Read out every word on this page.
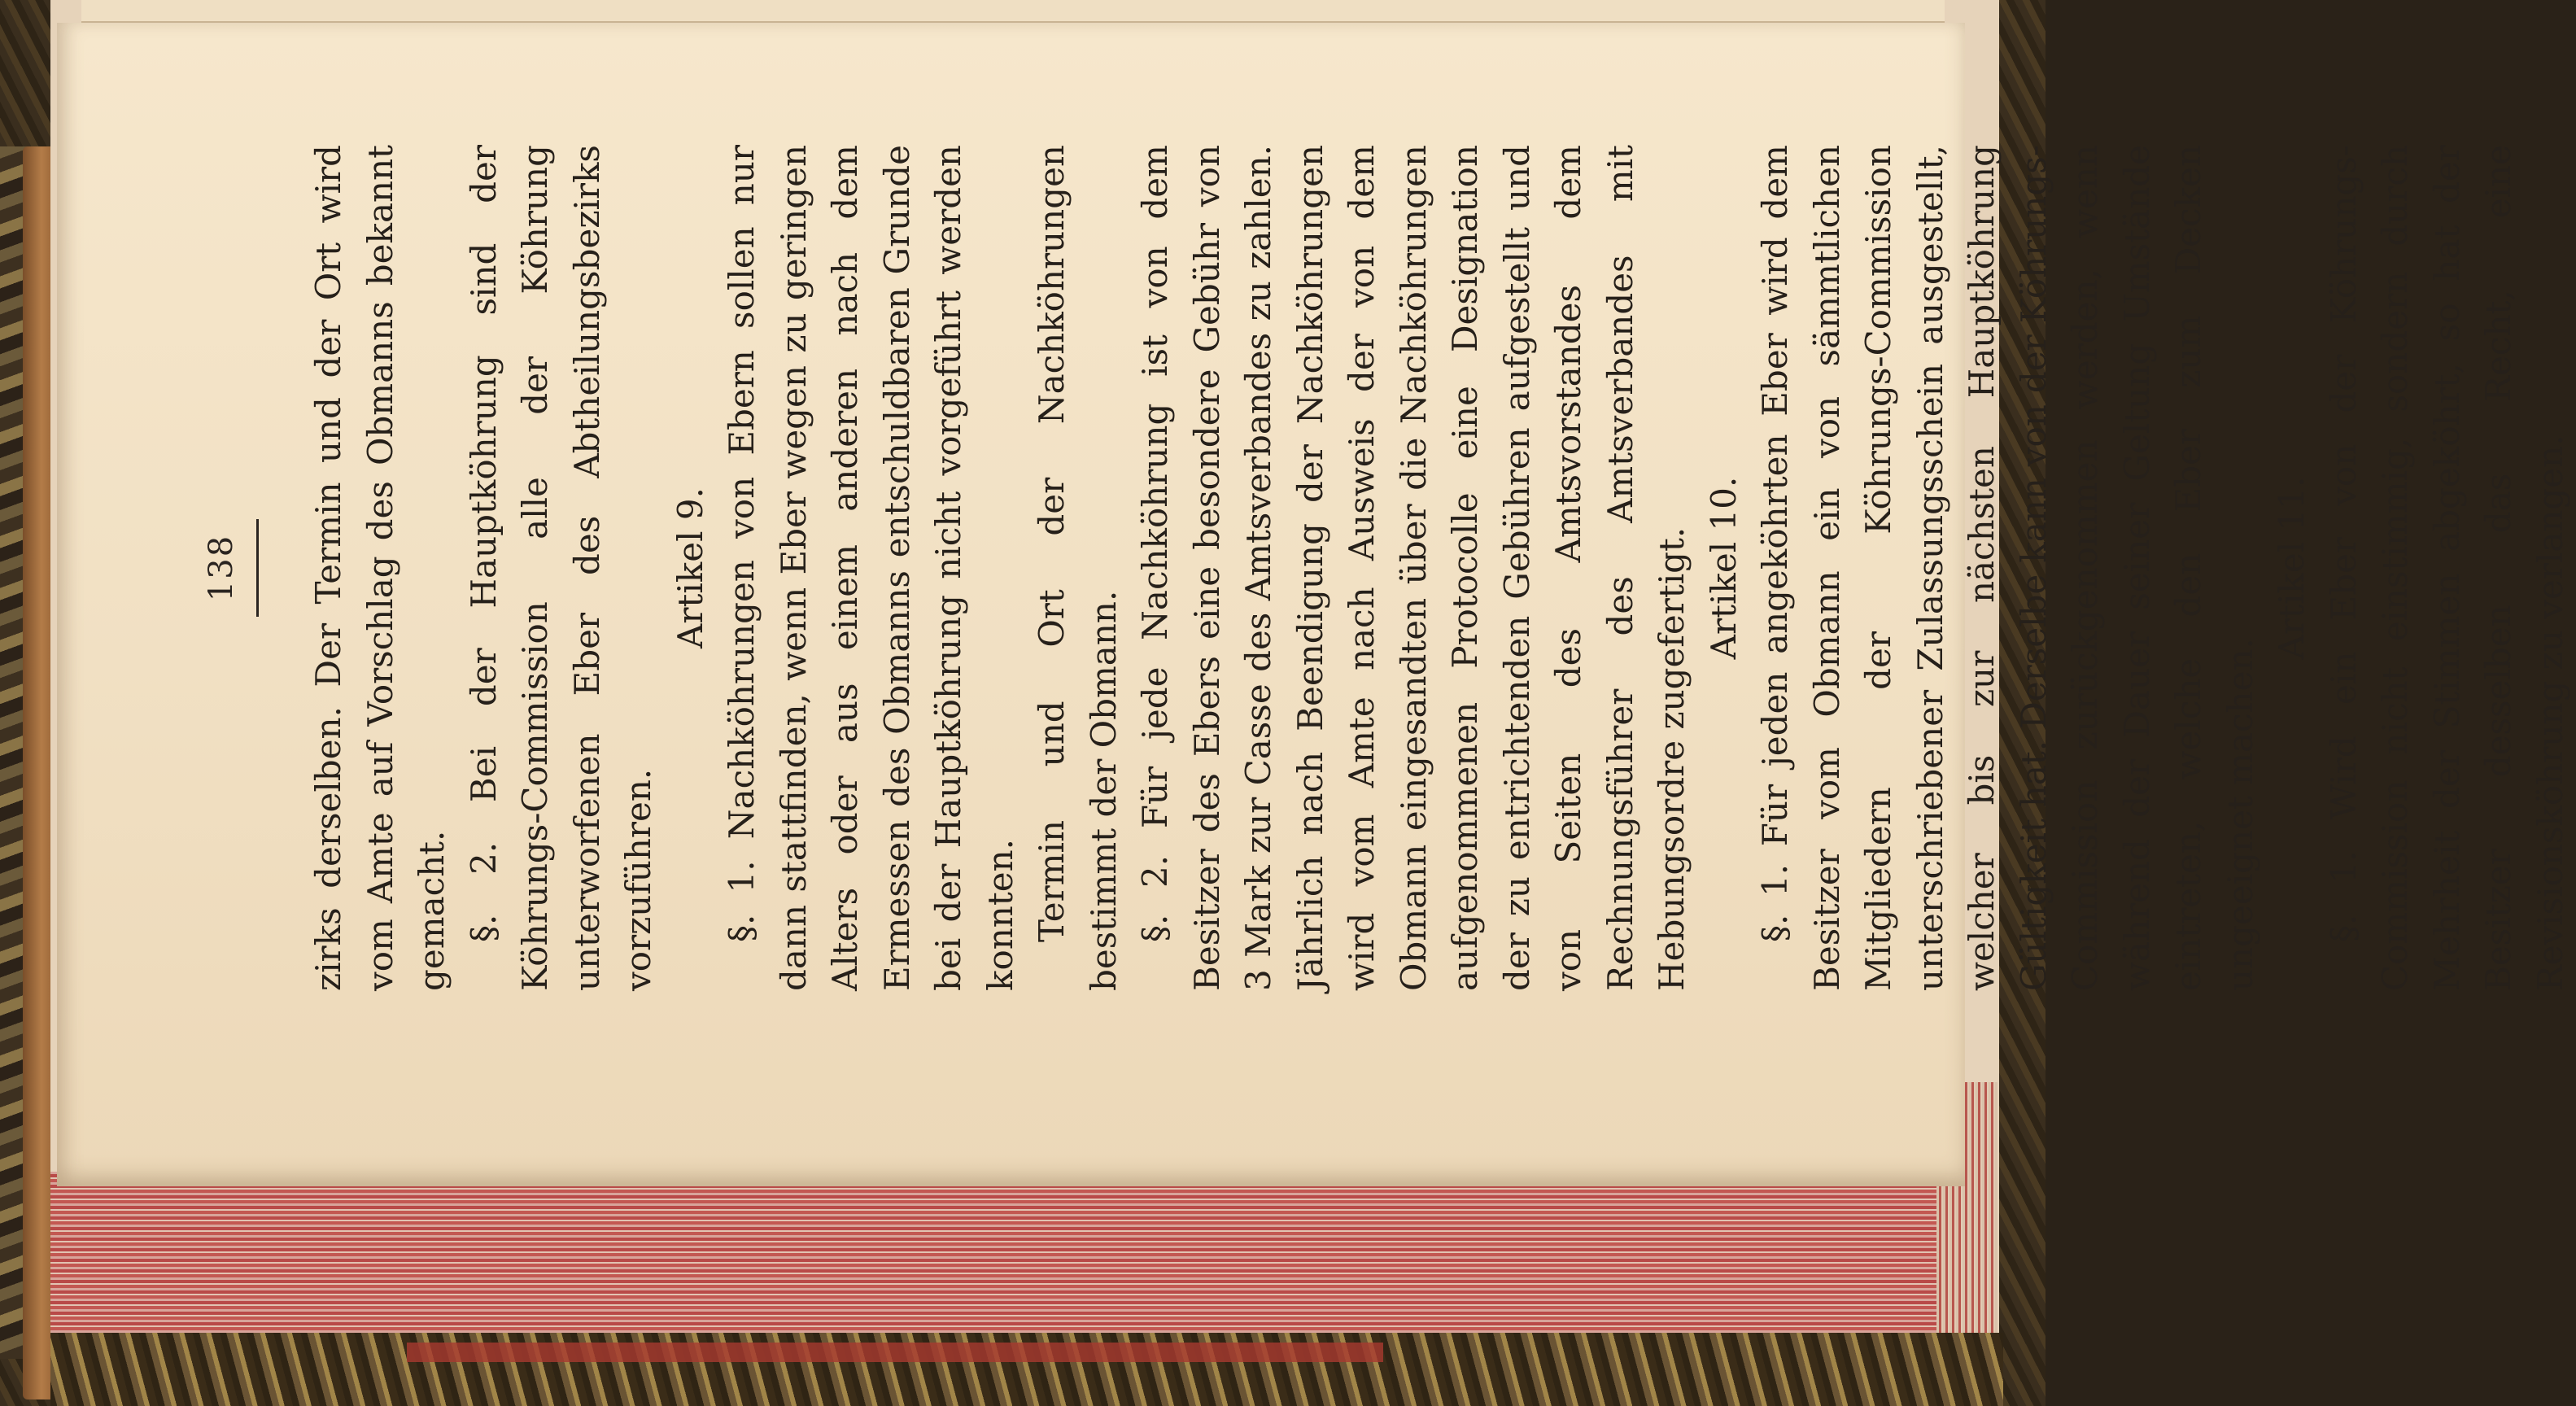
138 zirks derselben. Der Termin und der Ort wird vom Amte auf Vorschlag des Obmanns bekannt gemacht. §. 2. Bei der Hauptköhrung sind der Köhrungs-Commission alle der Köhrung unterworfenen Eber des Abtheilungsbezirks vorzuführen.

Artikel 9. §. 1. Nachköhrungen von Ebern sollen nur dann stattfinden, wenn Eber wegen zu geringen Alters oder aus einem anderen nach dem Ermessen des Obmanns entschuldbaren Grunde bei der Hauptköhrung nicht vorgeführt werden konnten. Termin und Ort der Nachköhrungen bestimmt der Obmann. §. 2. Für jede Nachköhrung ist von dem Besitzer des Ebers eine besondere Gebühr von 3 Mark zur Casse des Amtsverbandes zu zahlen. Jährlich nach Beendigung der Nachköhrungen wird vom Amte nach Ausweis der von dem Obmann eingesandten über die Nachköhrungen aufgenommenen Protocolle eine Designation der zu entrichtenden Gebühren aufgestellt und von Seiten des Amtsvorstandes dem Rechnungsführer des Amtsverbandes mit Hebungsordre zugefertigt. Artikel 10. §. 1. Für jeden angeköhrten Eber wird dem Besitzer vom Obmann ein von sämmtlichen Mitgliedern der Köhrungs-Commission unterschriebener Zulassungsschein ausgestellt, welcher bis zur nächsten Hauptköhrung Gültigkeit hat. Derselbe kann von der Köhrungs-Commission zurückgenommen werden, wenn während der Dauer seiner Geltung Umstände eintreten, welche den Eber zum Decken ungeeignet machen.

Artikel 11. §. 1. Wird ein Eber von der Köhrungs-Commission nicht einstimmig, sondern durch Mehrheit der Stimmen abgeköhrt, so hat der Besitzer desselben das Recht, eine Revisionsköhrung zu verlangen.
